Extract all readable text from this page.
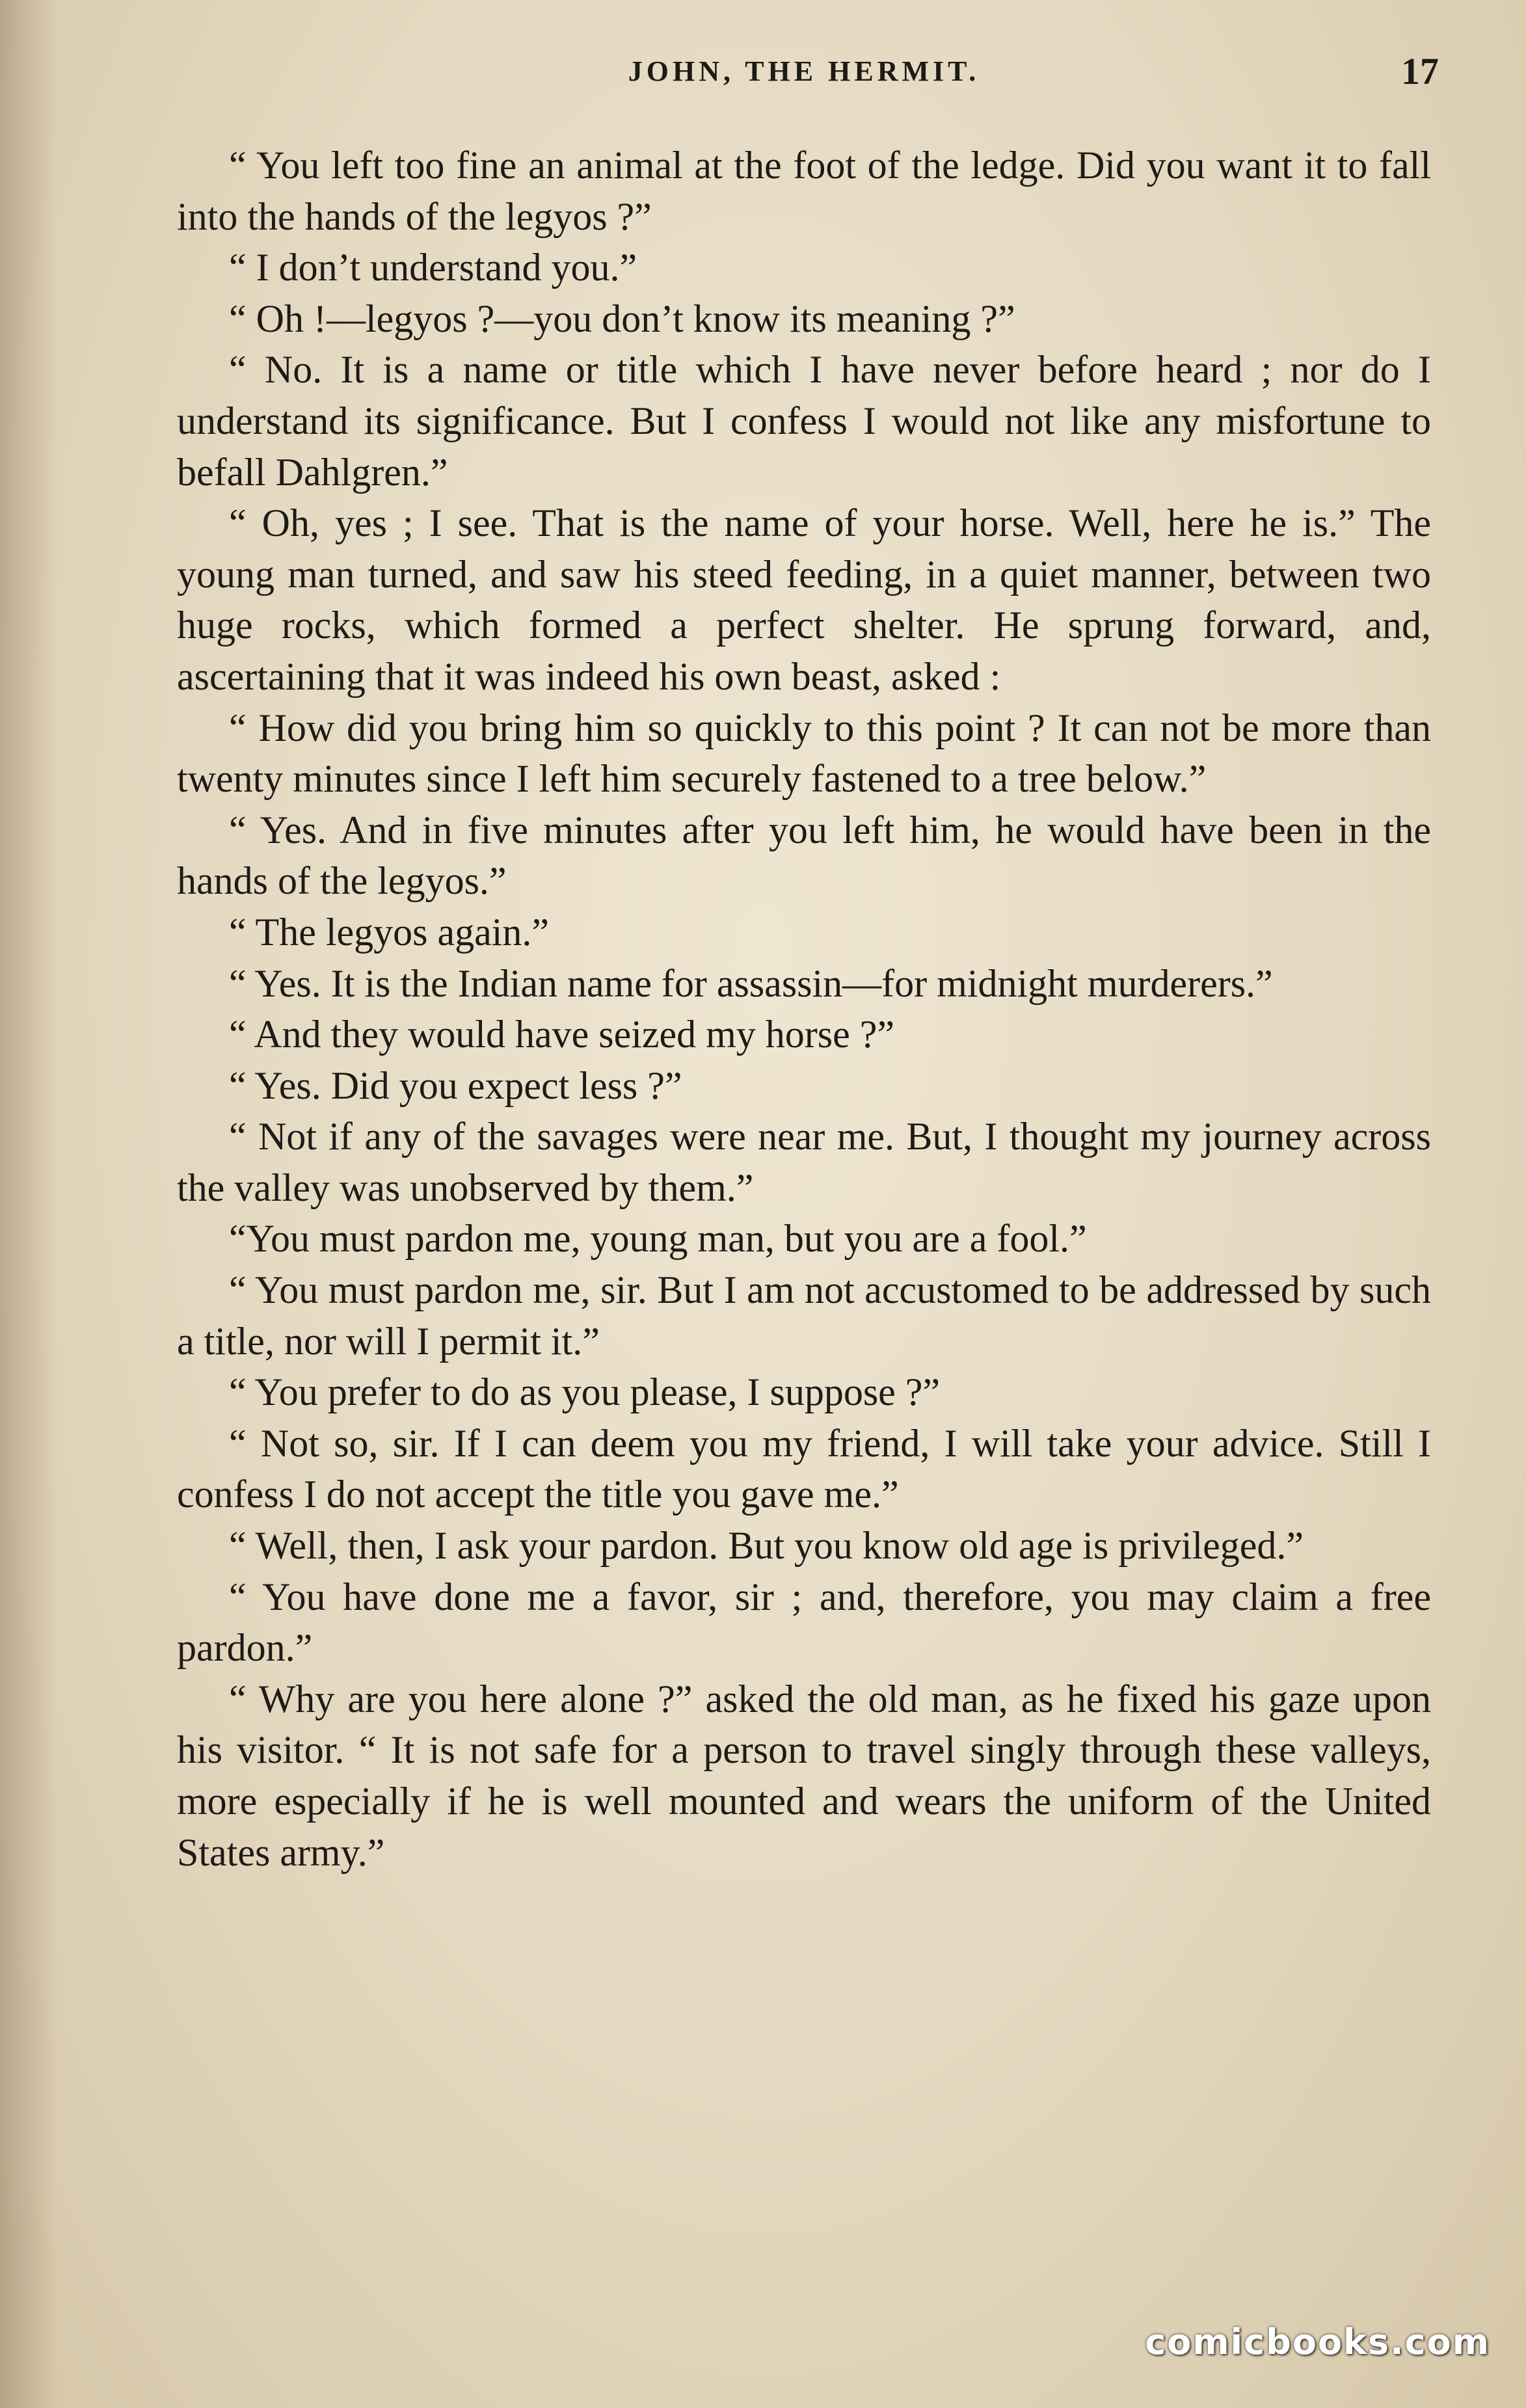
JOHN, THE HERMIT.	17

“ You left too fine an animal at the foot of the ledge. Did you want it to fall into the hands of the legyos ?”

“ I don’t understand you.”

“ Oh !—legyos ?—you don’t know its meaning ?”

“ No. It is a name or title which I have never before heard ; nor do I understand its significance. But I confess I would not like any misfortune to befall Dahlgren.”

“ Oh, yes ; I see. That is the name of your horse. Well, here he is.” The young man turned, and saw his steed feeding, in a quiet manner, between two huge rocks, which formed a perfect shelter. He sprung forward, and, ascertaining that it was indeed his own beast, asked :

“ How did you bring him so quickly to this point ? It can not be more than twenty minutes since I left him securely fastened to a tree below.”

“ Yes. And in five minutes after you left him, he would have been in the hands of the legyos.”

“ The legyos again.”

“ Yes. It is the Indian name for assassin—for midnight murderers.”

“ And they would have seized my horse ?”

“ Yes. Did you expect less ?”

“ Not if any of the savages were near me. But, I thought my journey across the valley was unobserved by them.”

“You must pardon me, young man, but you are a fool.”

“ You must pardon me, sir. But I am not accustomed to be addressed by such a title, nor will I permit it.”

“ You prefer to do as you please, I suppose ?”

“ Not so, sir. If I can deem you my friend, I will take your advice. Still I confess I do not accept the title you gave me.”

“ Well, then, I ask your pardon. But you know old age is privileged.”

“ You have done me a favor, sir ; and, therefore, you may claim a free pardon.”

“ Why are you here alone ?” asked the old man, as he fixed his gaze upon his visitor. “ It is not safe for a person to travel singly through these valleys, more especially if he is well mounted and wears the uniform of the United States army.”

comicbooks.com
